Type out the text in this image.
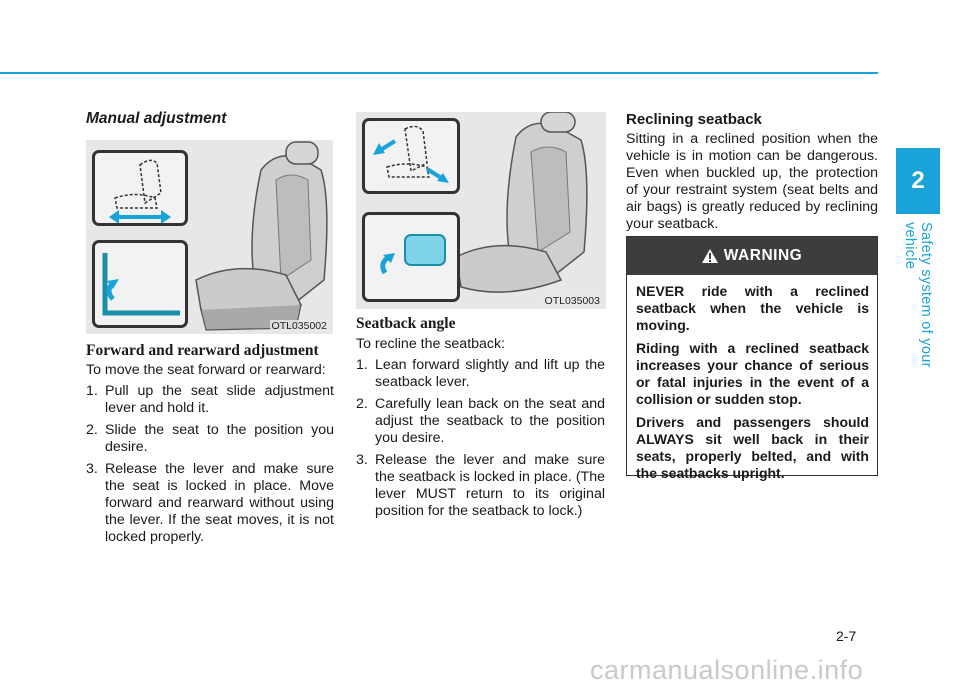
2
Safety system of your vehicle
Manual adjustment
OTL035002
Forward and rearward adjustment
To move the seat forward or rearward:
1. Pull up the seat slide adjustment lever and hold it.
2. Slide the seat to the position you desire.
3. Release the lever and make sure the seat is locked in place. Move forward and rearward without using the lever. If the seat moves, it is not locked properly.
OTL035003
Seatback angle
To recline the seatback:
1. Lean forward slightly and lift up the seatback lever.
2. Carefully lean back on the seat and adjust the seatback to the position you desire.
3. Release the lever and make sure the seatback is locked in place. (The lever MUST return to its original position for the seatback to lock.)
Reclining seatback
Sitting in a reclined position when the vehicle is in motion can be dangerous. Even when buckled up, the protection of your restraint system (seat belts and air bags) is greatly reduced by reclining your seatback.
WARNING

NEVER ride with a reclined seatback when the vehicle is moving.

Riding with a reclined seatback increases your chance of serious or fatal injuries in the event of a collision or sudden stop.

Drivers and passengers should ALWAYS sit well back in their seats, properly belted, and with the seatbacks upright.

2-7
carmanualsonline.info
